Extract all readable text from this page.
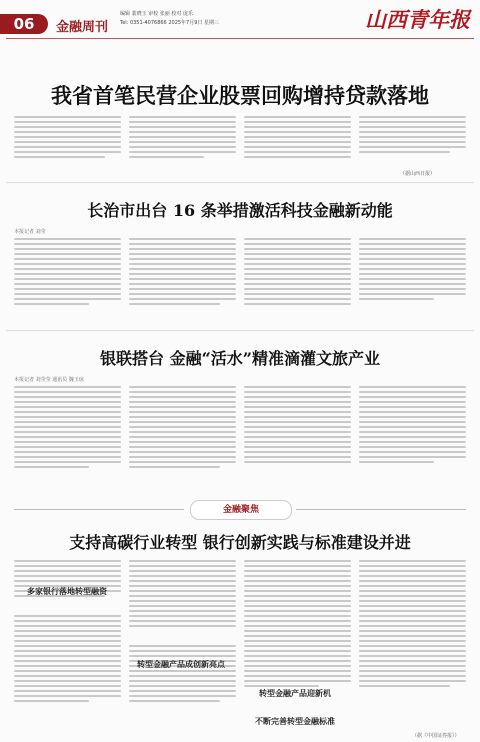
06	金融周刊
编辑 裴晓玉 审校 张丽 校对 庞乐
Tel: 0351-4076866 2025年7月9日 星期三	山西青年报
我省首笔民营企业股票回购增持贷款落地
（据山西日报）
长治市出台 16 条举措激活科技金融新动能
本报记者 刘莹
银联搭台 金融“活水”精准滴灌文旅产业
本报记者 刘莹莹 通讯员 魏玉琼
金融聚焦
支持高碳行业转型 银行创新实践与标准建设并进
多家银行落地转型融资
转型金融产品成创新亮点
转型金融产品迎新机
不断完善转型金融标准
（据《中国证券报》）
